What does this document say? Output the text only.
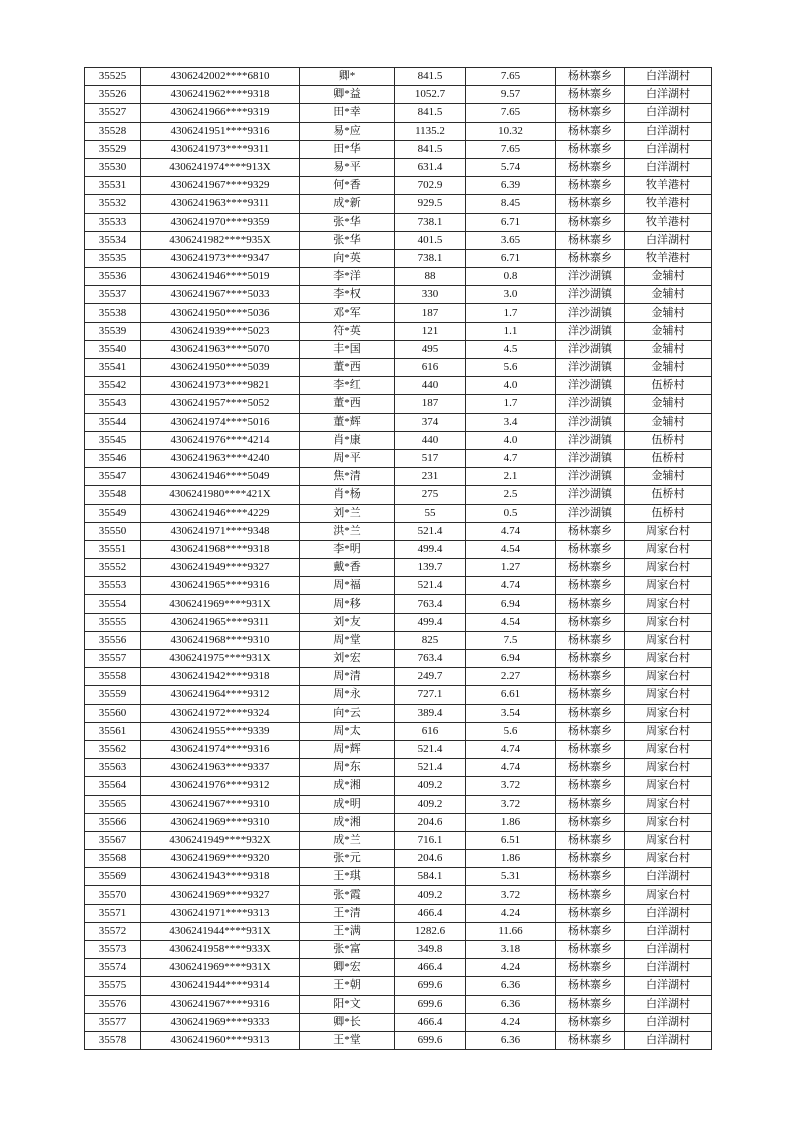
35525	4306242002****6810	卿*	841.5	7.65	杨林寨乡	白洋湖村
35526	4306241962****9318	卿*益	1052.7	9.57	杨林寨乡	白洋湖村
35527	4306241966****9319	田*幸	841.5	7.65	杨林寨乡	白洋湖村
35528	4306241951****9316	易*应	1135.2	10.32	杨林寨乡	白洋湖村
35529	4306241973****9311	田*华	841.5	7.65	杨林寨乡	白洋湖村
35530	4306241974****913X	易*平	631.4	5.74	杨林寨乡	白洋湖村
35531	4306241967****9329	何*香	702.9	6.39	杨林寨乡	牧羊港村
35532	4306241963****9311	成*新	929.5	8.45	杨林寨乡	牧羊港村
35533	4306241970****9359	张*华	738.1	6.71	杨林寨乡	牧羊港村
35534	4306241982****935X	张*华	401.5	3.65	杨林寨乡	白洋湖村
35535	4306241973****9347	向*英	738.1	6.71	杨林寨乡	牧羊港村
35536	4306241946****5019	李*洋	88	0.8	洋沙湖镇	金辅村
35537	4306241967****5033	李*权	330	3.0	洋沙湖镇	金辅村
35538	4306241950****5036	邓*军	187	1.7	洋沙湖镇	金辅村
35539	4306241939****5023	符*英	121	1.1	洋沙湖镇	金辅村
35540	4306241963****5070	丰*国	495	4.5	洋沙湖镇	金辅村
35541	4306241950****5039	董*西	616	5.6	洋沙湖镇	金辅村
35542	4306241973****9821	李*红	440	4.0	洋沙湖镇	伍桥村
35543	4306241957****5052	董*西	187	1.7	洋沙湖镇	金辅村
35544	4306241974****5016	董*辉	374	3.4	洋沙湖镇	金辅村
35545	4306241976****4214	肖*康	440	4.0	洋沙湖镇	伍桥村
35546	4306241963****4240	周*平	517	4.7	洋沙湖镇	伍桥村
35547	4306241946****5049	焦*清	231	2.1	洋沙湖镇	金辅村
35548	4306241980****421X	肖*杨	275	2.5	洋沙湖镇	伍桥村
35549	4306241946****4229	刘*兰	55	0.5	洋沙湖镇	伍桥村
35550	4306241971****9348	洪*兰	521.4	4.74	杨林寨乡	周家台村
35551	4306241968****9318	李*明	499.4	4.54	杨林寨乡	周家台村
35552	4306241949****9327	戴*香	139.7	1.27	杨林寨乡	周家台村
35553	4306241965****9316	周*福	521.4	4.74	杨林寨乡	周家台村
35554	4306241969****931X	周*移	763.4	6.94	杨林寨乡	周家台村
35555	4306241965****9311	刘*友	499.4	4.54	杨林寨乡	周家台村
35556	4306241968****9310	周*堂	825	7.5	杨林寨乡	周家台村
35557	4306241975****931X	刘*宏	763.4	6.94	杨林寨乡	周家台村
35558	4306241942****9318	周*清	249.7	2.27	杨林寨乡	周家台村
35559	4306241964****9312	周*永	727.1	6.61	杨林寨乡	周家台村
35560	4306241972****9324	向*云	389.4	3.54	杨林寨乡	周家台村
35561	4306241955****9339	周*太	616	5.6	杨林寨乡	周家台村
35562	4306241974****9316	周*辉	521.4	4.74	杨林寨乡	周家台村
35563	4306241963****9337	周*东	521.4	4.74	杨林寨乡	周家台村
35564	4306241976****9312	成*湘	409.2	3.72	杨林寨乡	周家台村
35565	4306241967****9310	成*明	409.2	3.72	杨林寨乡	周家台村
35566	4306241969****9310	成*湘	204.6	1.86	杨林寨乡	周家台村
35567	4306241949****932X	成*兰	716.1	6.51	杨林寨乡	周家台村
35568	4306241969****9320	张*元	204.6	1.86	杨林寨乡	周家台村
35569	4306241943****9318	王*琪	584.1	5.31	杨林寨乡	白洋湖村
35570	4306241969****9327	张*霞	409.2	3.72	杨林寨乡	周家台村
35571	4306241971****9313	王*清	466.4	4.24	杨林寨乡	白洋湖村
35572	4306241944****931X	王*满	1282.6	11.66	杨林寨乡	白洋湖村
35573	4306241958****933X	张*富	349.8	3.18	杨林寨乡	白洋湖村
35574	4306241969****931X	卿*宏	466.4	4.24	杨林寨乡	白洋湖村
35575	4306241944****9314	王*朝	699.6	6.36	杨林寨乡	白洋湖村
35576	4306241967****9316	阳*文	699.6	6.36	杨林寨乡	白洋湖村
35577	4306241969****9333	卿*长	466.4	4.24	杨林寨乡	白洋湖村
35578	4306241960****9313	王*堂	699.6	6.36	杨林寨乡	白洋湖村
